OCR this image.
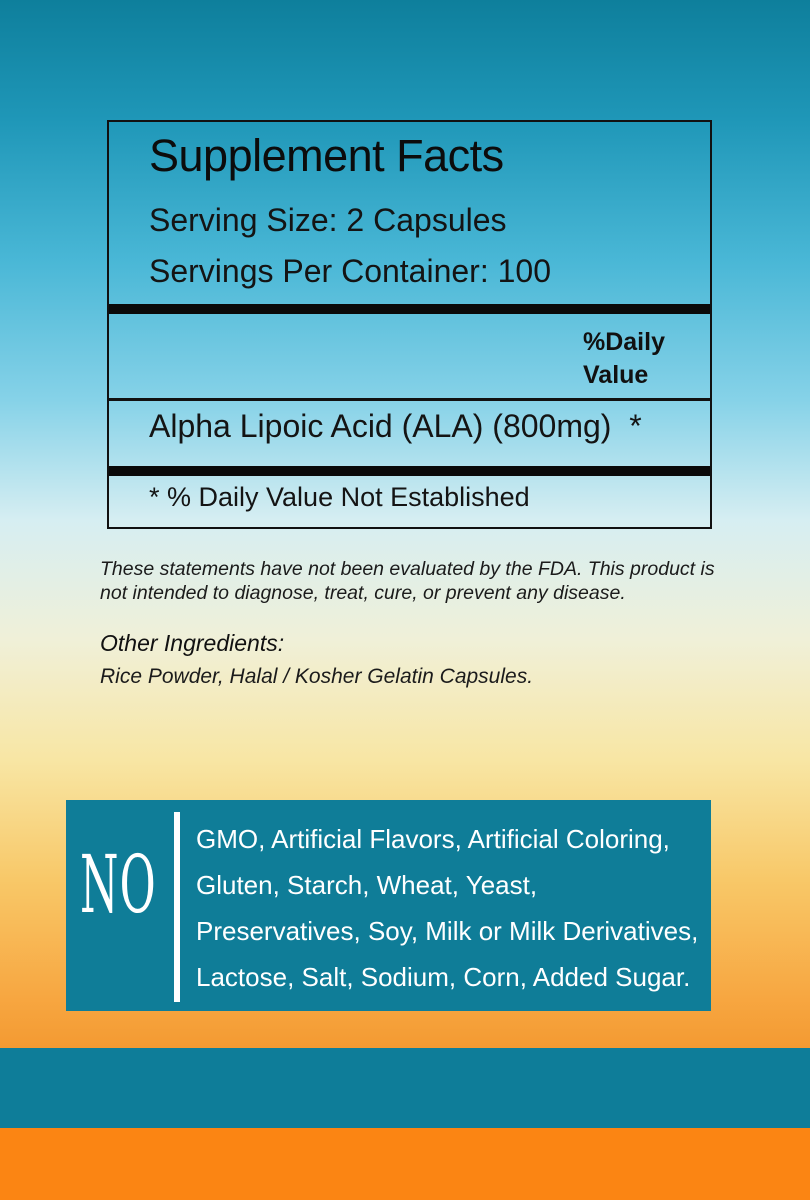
Supplement Facts
Serving Size: 2 Capsules
Servings Per Container: 100
%Daily Value
Alpha Lipoic Acid (ALA) (800mg)  *
* % Daily Value Not Established
These statements have not been evaluated by the FDA. This product is not intended to diagnose, treat, cure, or prevent any disease.
Other Ingredients:
Rice Powder, Halal / Kosher Gelatin Capsules.
NO GMO, Artificial Flavors, Artificial Coloring, Gluten, Starch, Wheat, Yeast, Preservatives, Soy, Milk or Milk Derivatives, Lactose, Salt, Sodium, Corn, Added Sugar.
